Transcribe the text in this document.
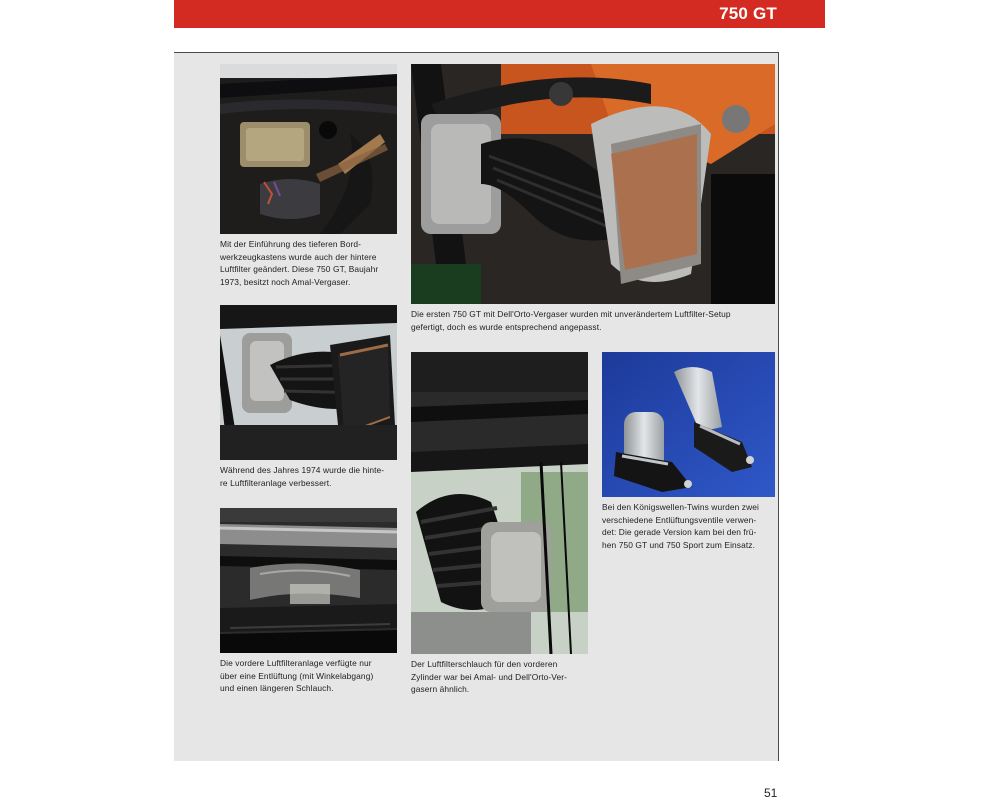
750 GT
Mit der Einführung des tieferen Bord-
werkzeugkastens wurde auch der hintere
Luftfilter geändert. Diese 750 GT, Baujahr
1973, besitzt noch Amal-Vergaser.
Die ersten 750 GT mit Dell'Orto-Vergaser wurden mit unverändertem Luftfilter-Setup
gefertigt, doch es wurde entsprechend angepasst.
Während des Jahres 1974 wurde die hinte-
re Luftfilteranlage verbessert.
Der Luftfilterschlauch für den vorderen
Zylinder war bei Amal- und Dell'Orto-Ver-
gasern ähnlich.
Bei den Königswellen-Twins wurden zwei
verschiedene Entlüftungsventile verwen-
det: Die gerade Version kam bei den frü-
hen 750 GT und 750 Sport zum Einsatz.
Die vordere Luftfilteranlage verfügte nur
über eine Entlüftung (mit Winkelabgang)
und einen längeren Schlauch.
51
